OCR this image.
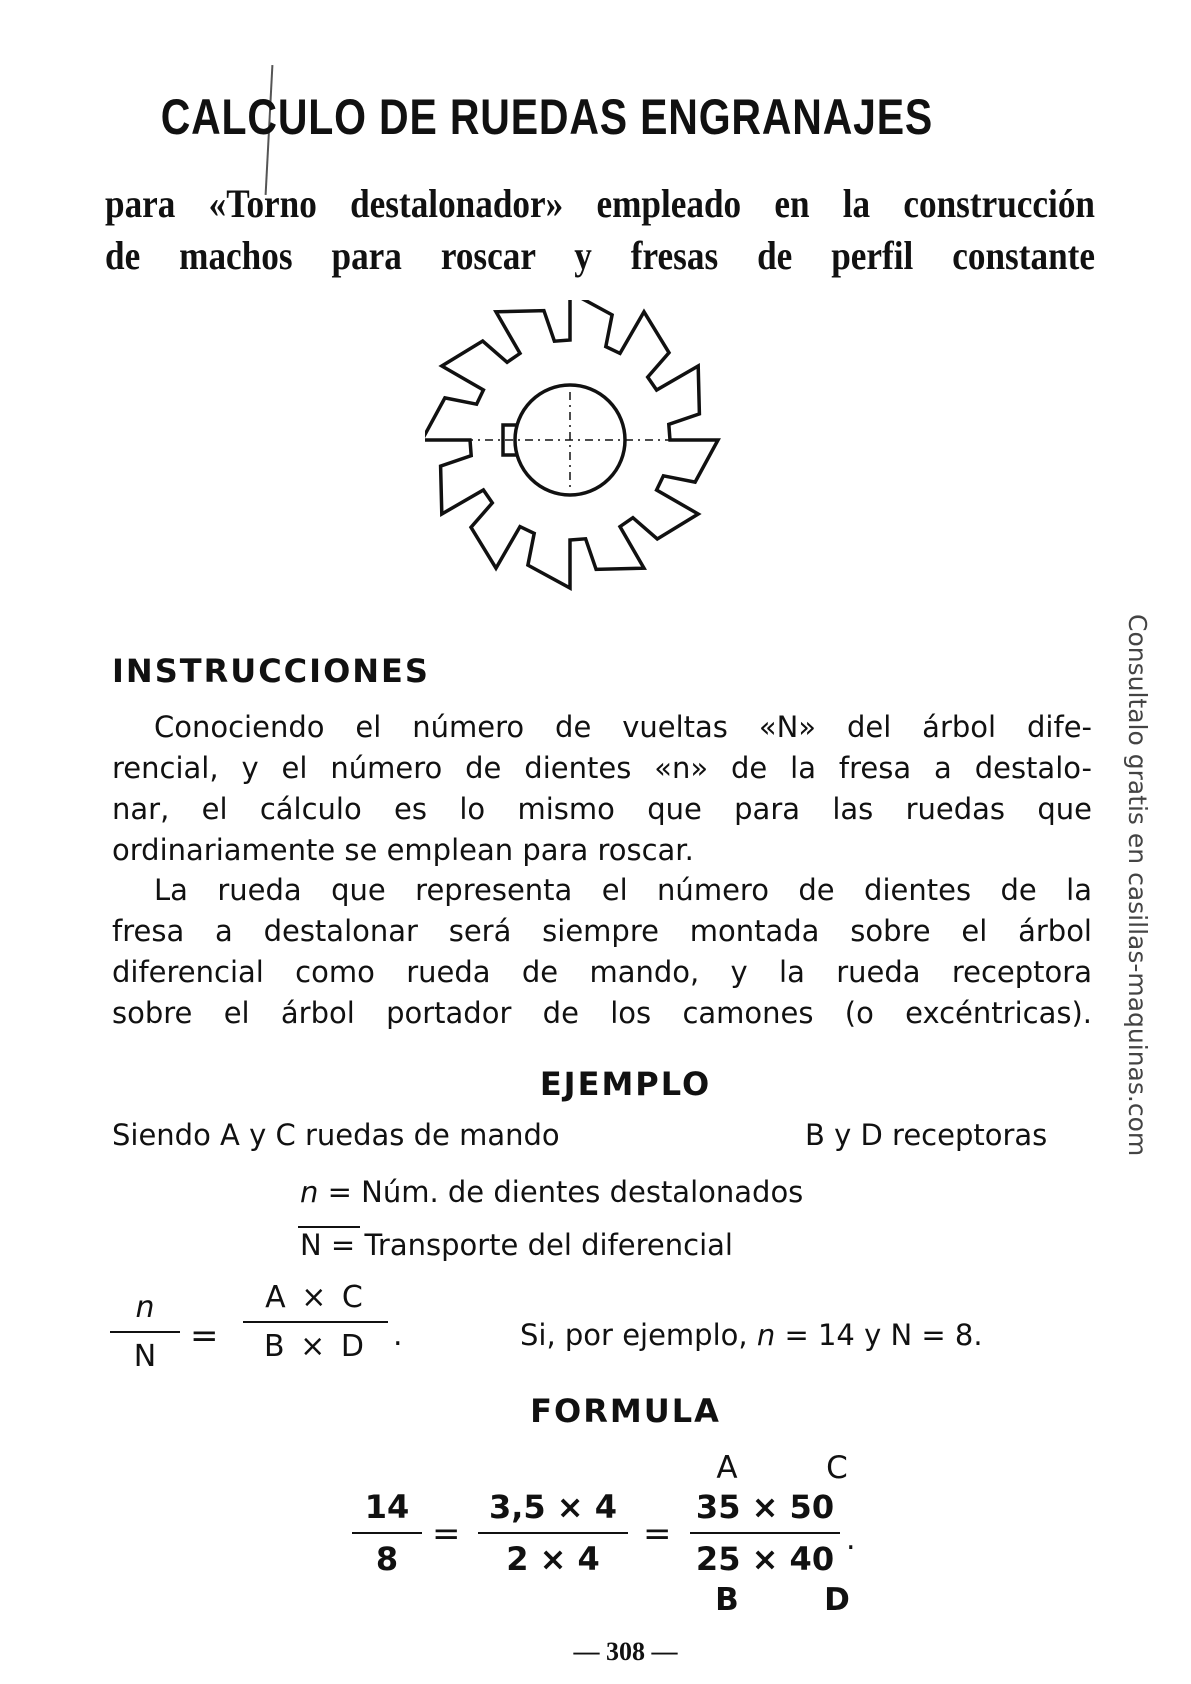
CALCULO DE RUEDAS ENGRANAJES
para «Torno destalonador» empleado en la construcción
de machos para roscar y fresas de perfil constante
INSTRUCCIONES
Conociendo el número de vueltas «N» del árbol dife-
rencial, y el número de dientes «n» de la fresa a destalo-
nar, el cálculo es lo mismo que para las ruedas que
ordinariamente se emplean para roscar.
La rueda que representa el número de dientes de la
fresa a destalonar será siempre montada sobre el árbol
diferencial como rueda de mando, y la rueda receptora
sobre el árbol portador de los camones (o excéntricas).
EJEMPLO
Siendo A y C ruedas de mando	B y D receptoras
n = Núm. de dientes destalonados
N = Transporte del diferencial
n
N
=
A × C
B × D .	Si, por ejemplo, n = 14 y N = 8.
FORMULA
A	C
14
8
=
3,5 × 4
2 × 4
=
35 × 50
25 × 40
.
B	D
— 308 —
Consultalo gratis en casillas-maquinas.com
